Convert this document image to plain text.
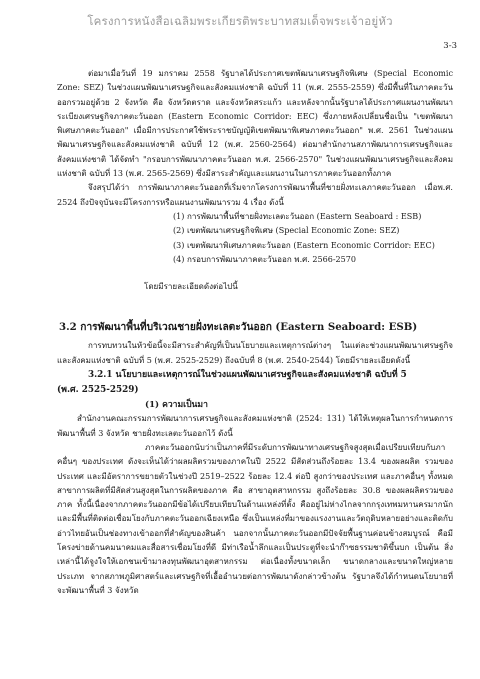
โครงการหนังสือเฉลิมพระเกียรติพระบาทสมเด็จพระเจ้าอยู่หัว
3-3

ต่อมาเมื่อวันที่ 19 มกราคม 2558 รัฐบาลได้ประกาศเขตพัฒนาเศรษฐกิจพิเศษ (Special Economic Zone: SEZ) ในช่วงแผนพัฒนาเศรษฐกิจและสังคมแห่งชาติ ฉบับที่ 11 (พ.ศ. 2555-2559) ซึ่งมีพื้นที่ในภาคตะวันออกรวมอยู่ด้วย 2 จังหวัด คือ จังหวัดตราด และจังหวัดสระแก้ว และหลังจากนั้นรัฐบาลได้ประกาศแผนงานพัฒนาระเบียงเศรษฐกิจภาคตะวันออก (Eastern Economic Corridor: EEC) ซึ่งภายหลังเปลี่ยนชื่อเป็น "เขตพัฒนาพิเศษภาคตะวันออก" เมื่อมีการประกาศใช้พระราชบัญญัติเขตพัฒนาพิเศษภาคตะวันออก" พ.ศ. 2561 ในช่วงแผนพัฒนาเศรษฐกิจและสังคมแห่งชาติ ฉบับที่ 12 (พ.ศ. 2560-2564) ต่อมาสำนักงานสภาพัฒนาการเศรษฐกิจและสังคมแห่งชาติ ได้จัดทำ "กรอบการพัฒนาภาคตะวันออก พ.ศ. 2566-2570" ในช่วงแผนพัฒนาเศรษฐกิจและสังคมแห่งชาติ ฉบับที่ 13 (พ.ศ. 2565-2569) ซึ่งมีสาระสำคัญและแผนงานในการภาคตะวันออกทั้งภาค

จึงสรุปได้ว่า การพัฒนาภาคตะวันออกที่เริ่มจากโครงการพัฒนาพื้นที่ชายฝั่งทะเลภาคตะวันออก เมื่อพ.ศ. 2524 ถึงปัจจุบันจะมีโครงการหรือแผนงานพัฒนารวม 4 เรื่อง ดังนี้

(1) การพัฒนาพื้นที่ชายฝั่งทะเลตะวันออก (Eastern Seaboard : ESB)
(2) เขตพัฒนาเศรษฐกิจพิเศษ (Special Economic Zone: SEZ)
(3) เขตพัฒนาพิเศษภาคตะวันออก (Eastern Economic Corridor: EEC)
(4) กรอบการพัฒนาภาคตะวันออก พ.ศ. 2566-2570

โดยมีรายละเอียดดังต่อไปนี้

3.2 การพัฒนาพื้นที่บริเวณชายฝั่งทะเลตะวันออก (Eastern Seaboard: ESB)

การทบทวนในหัวข้อนี้จะมีสาระสำคัญที่เป็นนโยบายและเหตุการณ์ต่างๆ ในแต่ละช่วงแผนพัฒนาเศรษฐกิจและสังคมแห่งชาติ ฉบับที่ 5 (พ.ศ. 2525-2529) ถึงฉบับที่ 8 (พ.ศ. 2540-2544) โดยมีรายละเอียดดังนี้

3.2.1 นโยบายและเหตุการณ์ในช่วงแผนพัฒนาเศรษฐกิจและสังคมแห่งชาติ ฉบับที่ 5
(พ.ศ. 2525-2529)
(1) ความเป็นมา

สำนักงานคณะกรรมการพัฒนาการเศรษฐกิจและสังคมแห่งชาติ (2524: 131) ได้ให้เหตุผลในการกำหนดการพัฒนาพื้นที่ 3 จังหวัด ชายฝั่งทะเลตะวันออกไว้ ดังนี้

ภาคตะวันออกนับว่าเป็นภาคที่มีระดับการพัฒนาทางเศรษฐกิจสูงสุดเมื่อเปรียบเทียบกับภาคอื่นๆ ของประเทศ ดังจะเห็นได้ว่าผลผลิตรวมของภาคในปี 2522 มีสัดส่วนถึงร้อยละ 13.4 ของผลผลิต รวมของประเทศ และมีอัตราการขยายตัวในช่วงปี 2519–2522 ร้อยละ 12.4 ต่อปี สูงกว่าของประเทศ และภาคอื่นๆ ทั้งหมด สาขาการผลิตที่มีสัดส่วนสูงสุดในการผลิตของภาค คือ สาขาอุตสาหกรรม สูงถึงร้อยละ 30.8 ของผลผลิตรวมของภาค ทั้งนี้เนื่องจากภาคตะวันออกมีข้อได้เปรียบเทียบในด้านแหล่งที่ตั้ง คืออยู่ไม่ห่างไกลจากกรุงเทพมหานครมากนัก และมีพื้นที่ติดต่อเชื่อมโยงกับภาคตะวันออกเฉียงเหนือ ซึ่งเป็นแหล่งที่มาของแรงงานและวัตถุดิบหลายอย่างและติดกับอ่าวไทยอันเป็นช่องทางเข้าออกที่สำคัญของสินค้า นอกจากนั้นภาคตะวันออกมีปัจจัยพื้นฐานค่อนข้างสมบูรณ์ คือมีโครงข่ายด้านคมนาคมและสื่อสารเชื่อมโยงที่ดี มีท่าเรือน้ำลึกและเป็นประตูที่จะนำก๊าซธรรมชาติขึ้นบก เป็นต้น สิ่งเหล่านี้ได้จูงใจให้เอกชนเข้ามาลงทุนพัฒนาอุตสาหกรรม ต่อเนื่องทั้งขนาดเล็ก ขนาดกลางและขนาดใหญ่หลายประเภท จากสภาพภูมิศาสตร์และเศรษฐกิจที่เอื้ออำนวยต่อการพัฒนาดังกล่าวข้างต้น รัฐบาลจึงได้กำหนดนโยบายที่จะพัฒนาพื้นที่ 3 จังหวัด
